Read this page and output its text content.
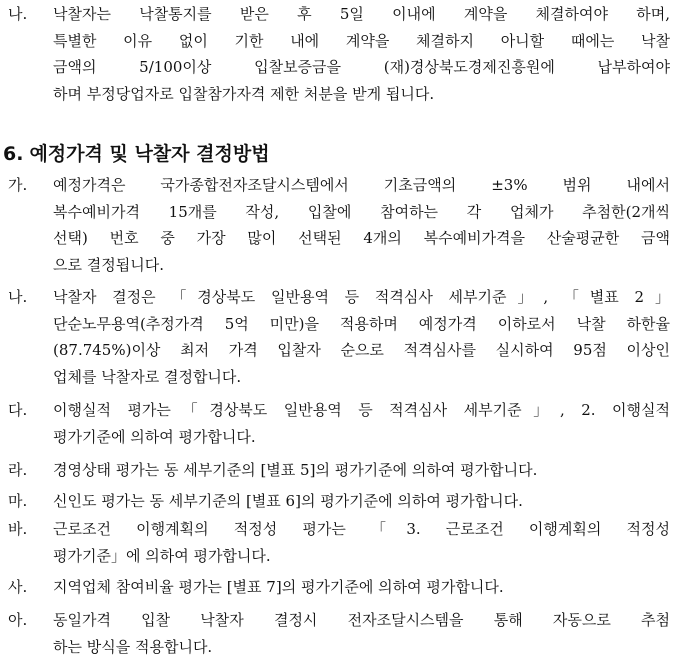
나. 낙찰자는 낙찰통지를 받은 후 5일 이내에 계약을 체결하여야 하며,
특별한 이유 없이 기한 내에 계약을 체결하지 아니할 때에는 낙찰
금액의 5/100이상 입찰보증금을 (재)경상북도경제진흥원에 납부하여야
하며 부정당업자로 입찰참가자격 제한 처분을 받게 됩니다.
6. 예정가격 및 낙찰자 결정방법
가. 예정가격은 국가종합전자조달시스템에서 기초금액의 ±3% 범위 내에서
복수예비가격 15개를 작성, 입찰에 참여하는 각 업체가 추첨한(2개씩
선택) 번호 중 가장 많이 선택된 4개의 복수예비가격을 산술평균한 금액
으로 결정됩니다.
나. 낙찰자 결정은 「경상북도 일반용역 등 적격심사 세부기준」, 「별표 2」
단순노무용역(추정가격 5억 미만)을 적용하며 예정가격 이하로서 낙찰 하한율
(87.745%)이상 최저 가격 입찰자 순으로 적격심사를 실시하여 95점 이상인
업체를 낙찰자로 결정합니다.
다. 이행실적 평가는「경상북도 일반용역 등 적격심사 세부기준」, 2. 이행실적
평가기준에 의하여 평가합니다.
라. 경영상태 평가는 동 세부기준의 [별표 5]의 평가기준에 의하여 평가합니다.
마. 신인도 평가는 동 세부기준의 [별표 6]의 평가기준에 의하여 평가합니다.
바. 근로조건 이행계획의 적정성 평가는 「3. 근로조건 이행계획의 적정성
평가기준」에 의하여 평가합니다.
사. 지역업체 참여비율 평가는 [별표 7]의 평가기준에 의하여 평가합니다.
아. 동일가격 입찰 낙찰자 결정시 전자조달시스템을 통해 자동으로 추첨
하는 방식을 적용합니다.
